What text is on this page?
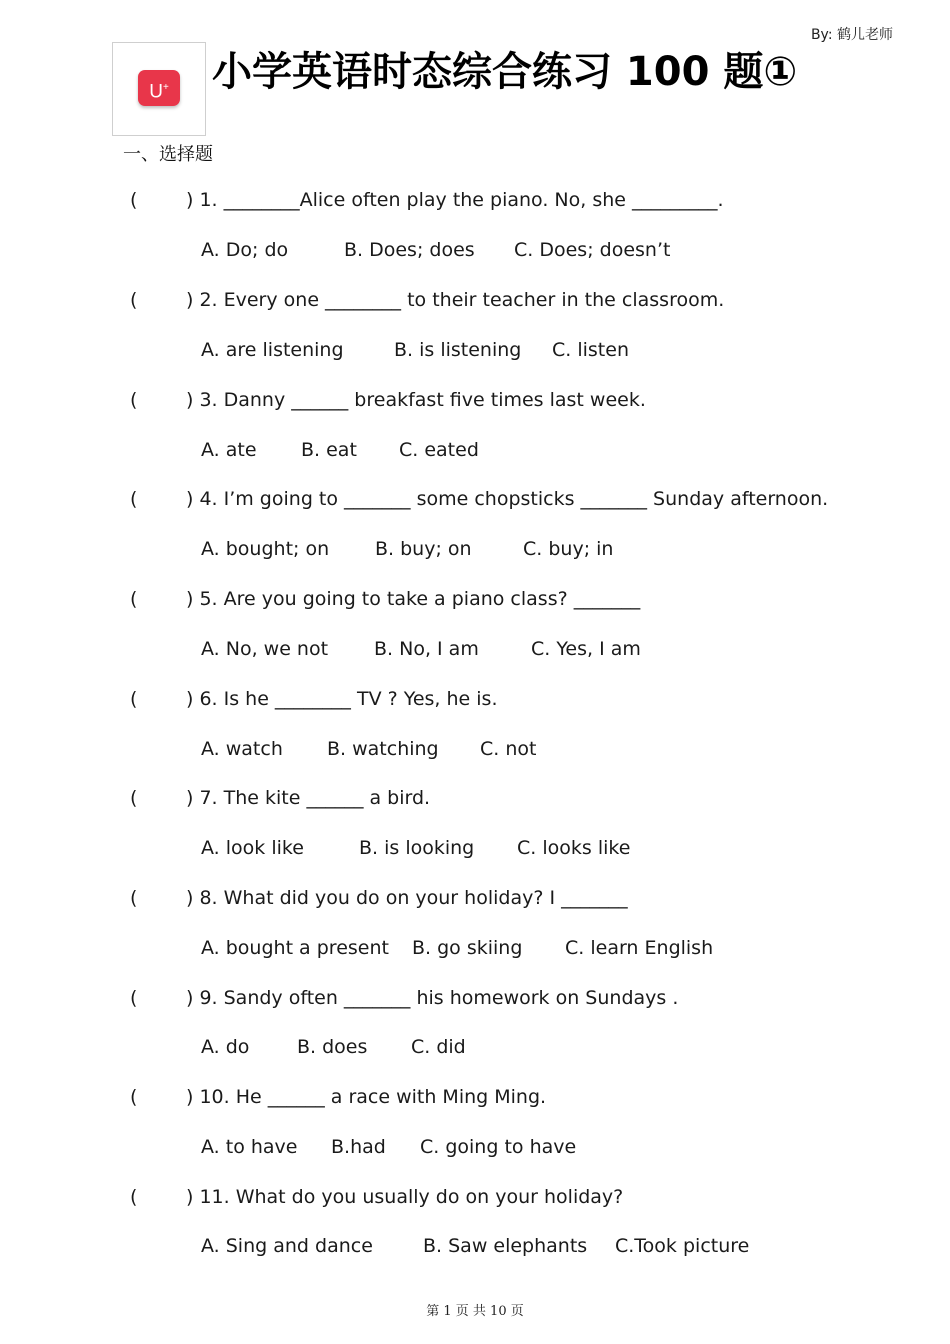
By: 鹤儿老师
U+ 小学英语时态综合练习 100 题①
一、选择题
(	) 1. ________Alice often play the piano. No, she _________.
A. Do; do	B. Does; does C. Does; doesn’t
(	) 2. Every one ________ to their teacher in the classroom.
A. are listening	B. is listening C. listen
(	) 3. Danny ______ breakfast five times last week.
A. ate B. eat C. eated
(	) 4. I’m going to _______ some chopsticks _______ Sunday afternoon.
A. bought; on B. buy; on	C. buy; in
(	) 5. Are you going to take a piano class? _______
A. No, we not B. No, I am	C. Yes, I am
(	) 6. Is he ________ TV ? Yes, he is.
A. watch B. watching C. not
(	) 7. The kite ______ a bird.
A. look like	B. is looking C. looks like
(	) 8. What did you do on your holiday? I _______
A. bought a present B. go skiing C. learn English
(	) 9. Sandy often _______ his homework on Sundays .
A. do	B. does C. did
(	) 10. He ______ a race with Ming Ming.
A. to have B.had C. going to have
(	) 11. What do you usually do on your holiday?
A. Sing and dance	B. Saw elephants C.Took picture
第 1 页 共 10 页
